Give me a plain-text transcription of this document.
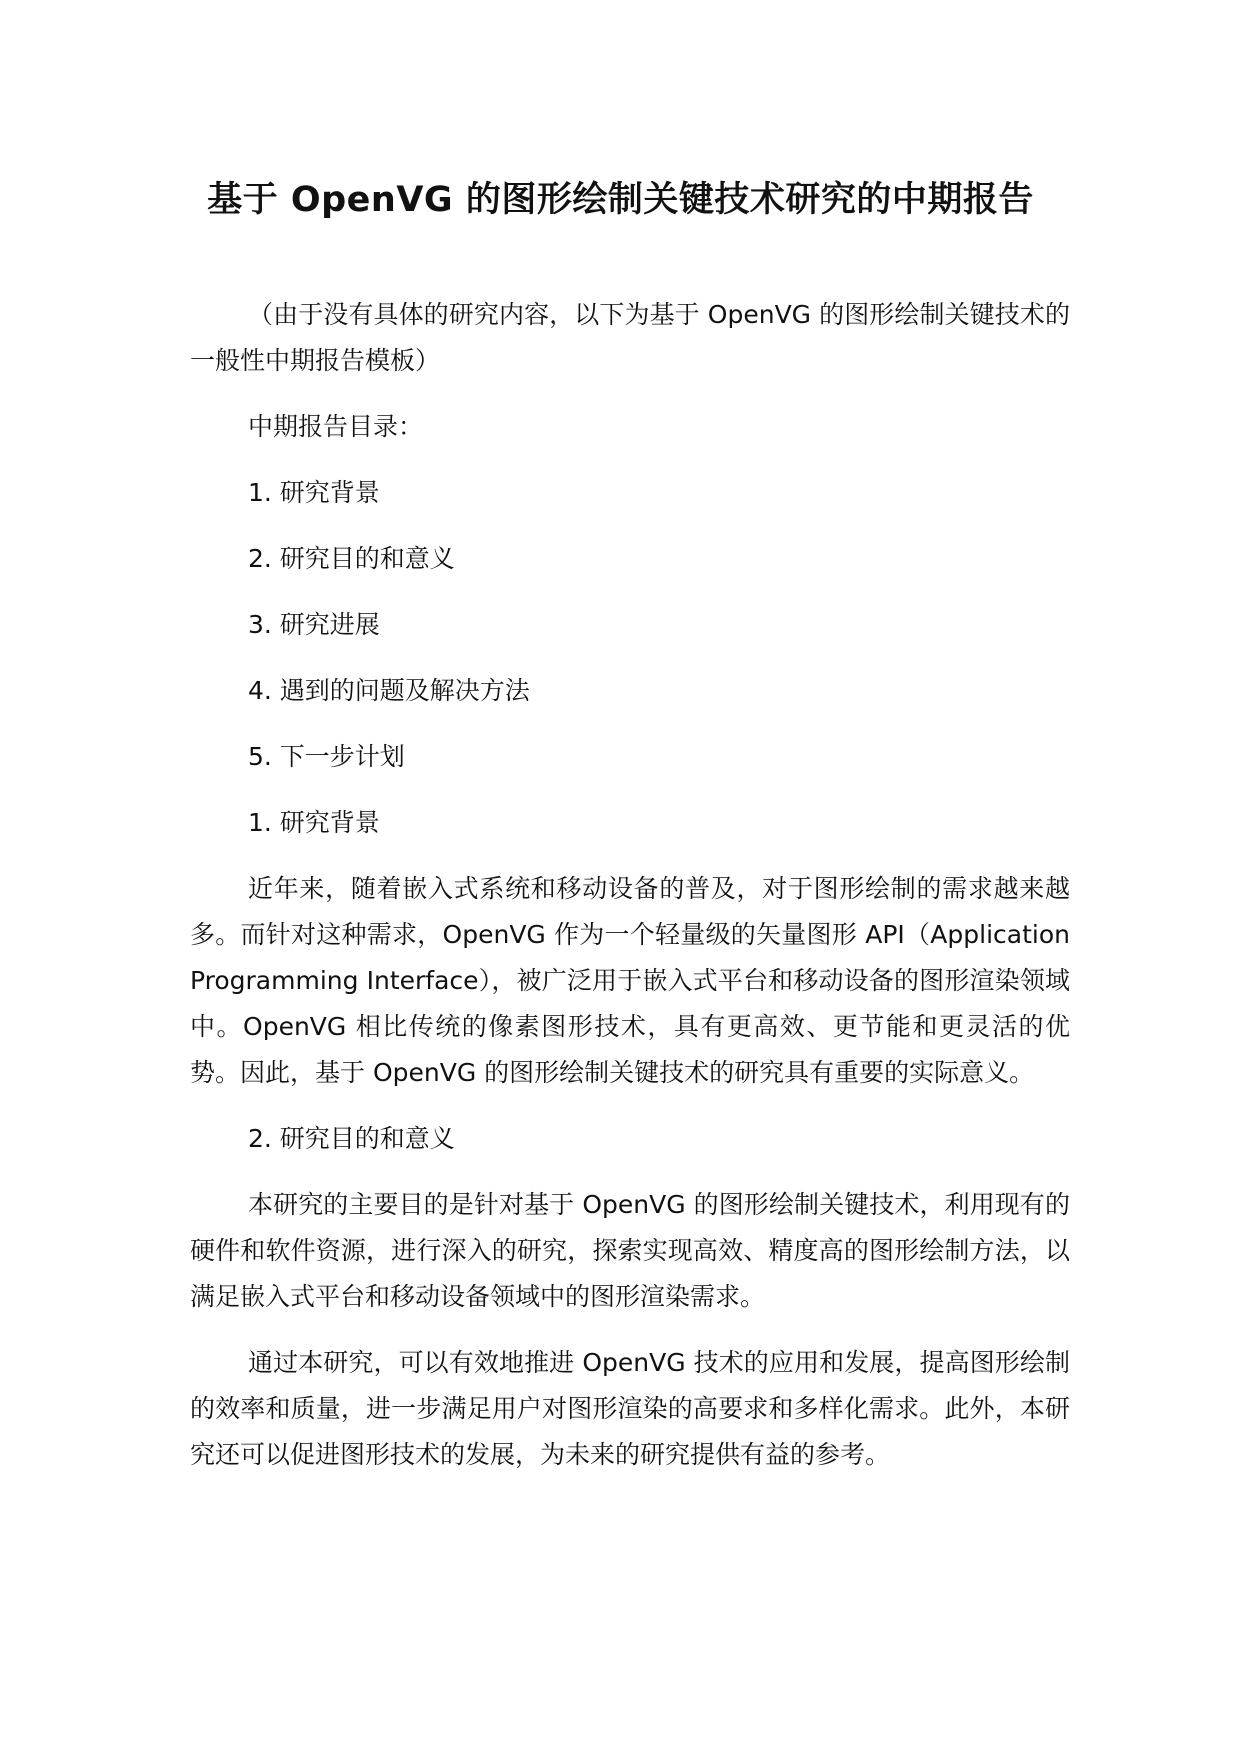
基于 OpenVG 的图形绘制关键技术研究的中期报告

（由于没有具体的研究内容，以下为基于 OpenVG 的图形绘制关键技术的一般性中期报告模板）

中期报告目录：
1. 研究背景
2. 研究目的和意义
3. 研究进展
4. 遇到的问题及解决方法
5. 下一步计划
1. 研究背景

近年来，随着嵌入式系统和移动设备的普及，对于图形绘制的需求越来越多。而针对这种需求，OpenVG 作为一个轻量级的矢量图形 API（Application Programming Interface），被广泛用于嵌入式平台和移动设备的图形渲染领域中。OpenVG 相比传统的像素图形技术，具有更高效、更节能和更灵活的优势。因此，基于 OpenVG 的图形绘制关键技术的研究具有重要的实际意义。

2. 研究目的和意义

本研究的主要目的是针对基于 OpenVG 的图形绘制关键技术，利用现有的硬件和软件资源，进行深入的研究，探索实现高效、精度高的图形绘制方法，以满足嵌入式平台和移动设备领域中的图形渲染需求。

通过本研究，可以有效地推进 OpenVG 技术的应用和发展，提高图形绘制的效率和质量，进一步满足用户对图形渲染的高要求和多样化需求。此外，本研究还可以促进图形技术的发展，为未来的研究提供有益的参考。
